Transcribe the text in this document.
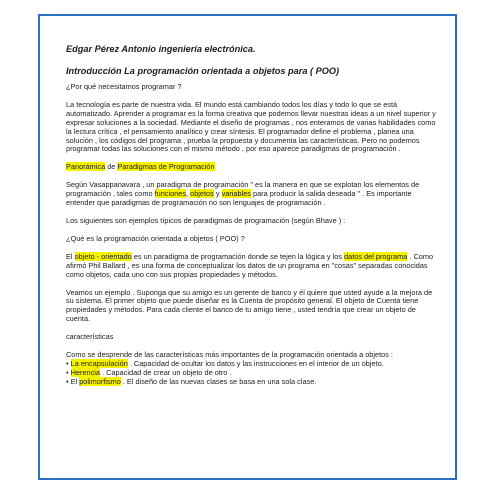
Edgar Pérez Antonio ingeniería electrónica.
Introducción La programación orientada a objetos para ( POO)

¿Por qué necesitamos programar ?

La tecnología es parte de nuestra vida. El mundo está cambiando todos los días y todo lo que se está automatizado. Aprender a programar es la forma creativa que podemos llevar nuestras ideas a un nivel superior y expresar soluciones a la sociedad. Mediante el diseño de programas , nos enteramos de varias habilidades como la lectura crítica , el pensamiento analítico y crear síntesis. El programador define el problema , planea una solución , los códigos del programa , prueba la propuesta y documenta las características. Pero no podemos programar todas las soluciones con el mismo método , por eso aparece paradigmas de programación .

Panorámica de Paradigmas de Programación

Según Vasappanavara , un paradigma de programación " es la manera en que se explotan los elementos de programación , tales como funciones, objetos y variables para producir la salida deseada " . Es importante entender que paradigmas de programación no son lenguajes de programación .

Los siguientes son ejemplos típicos de paradigmas de programación (según Bhave ) :

¿Qué es la programación orientada a objetos ( POO) ?

El objeto - orientado es un paradigma de programación donde se tejen la lógica y los datos del programa . Como afirmó Phil Ballard , es una forma de conceptualizar los datos de un programa en "cosas" separadas conocidas como objetos, cada uno con sus propias propiedades y métodos.

Veamos un ejemplo . Suponga que su amigo es un gerente de banco y él quiere que usted ayude a la mejora de su sistema. El primer objeto que puede diseñar es la Cuenta de propósito general. El objeto de Cuenta tiene propiedades y métodos. Para cada cliente el banco de tu amigo tiene , usted tendría que crear un objeto de cuenta.

características

Como se desprende de las características más importantes de la programación orientada a objetos :

• La encapsulación . Capacidad de ocultar los datos y las instrucciones en el interior de un objeto.

• Herencia . Capacidad de crear un objeto de otro .

• El polimorfismo . El diseño de las nuevas clases se basa en una sola clase.
